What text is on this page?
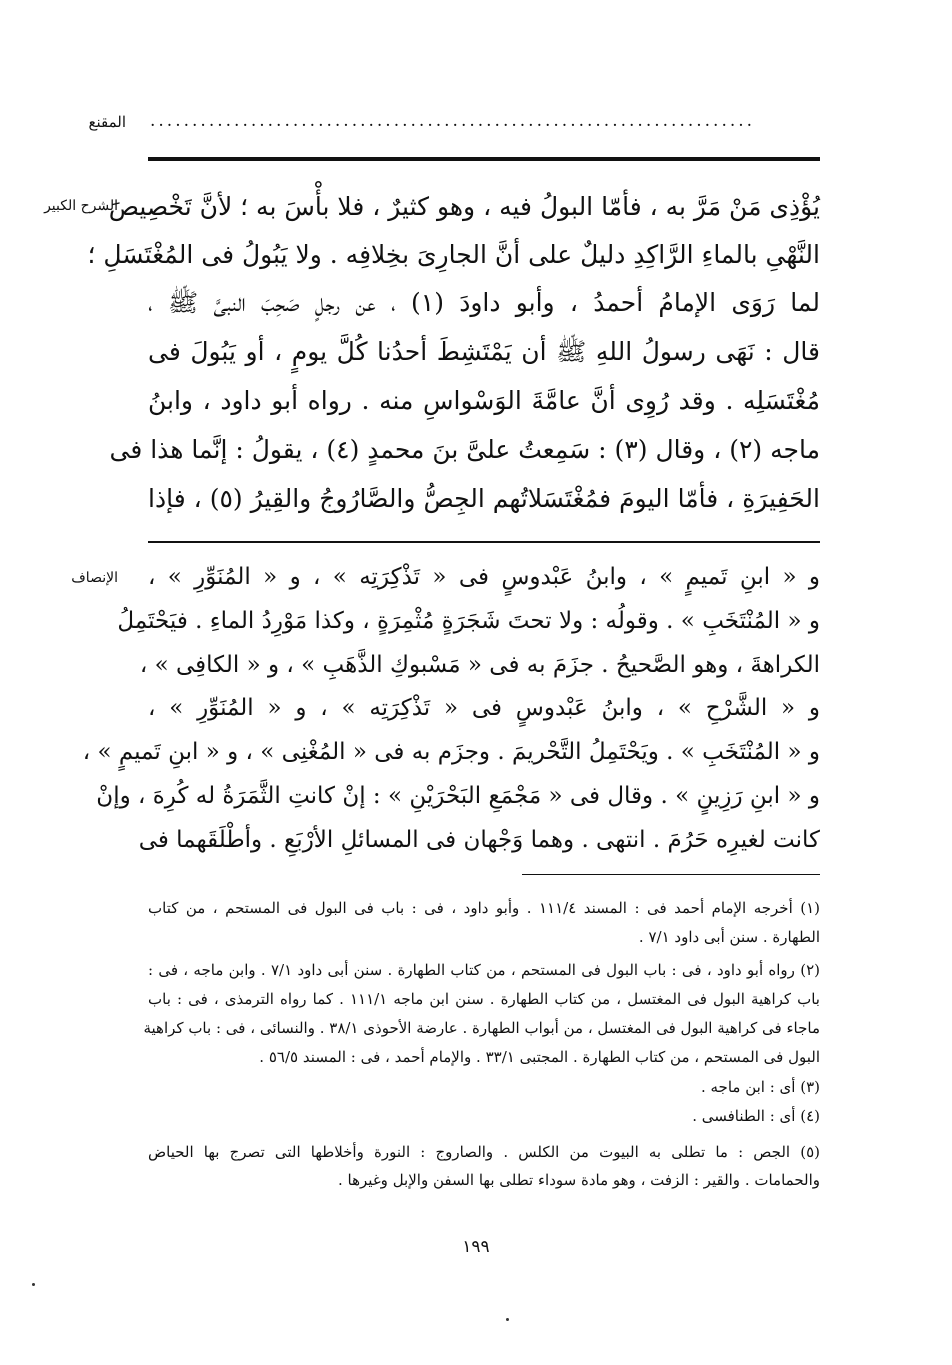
المقنع ........................................................................
الشرح الكبير
الإنصاف
يُؤْذِى مَنْ مَرَّ به ، فأمّا البولُ فيه ، وهو كثيرٌ ، فلا بأْسَ به ؛ لأنَّ تَخْصِيصَ
النَّهْىِ بالماءِ الرَّاكِدِ دليلٌ على أنَّ الجارِىَ بخِلافِه . ولا يَبُولُ فى المُغْتَسَلِ ؛
لما رَوَى الإمامُ أحمدُ ، وأبو داودَ (١) ، عن رجلٍ صَحِبَ النبىَّ ﷺ ،
قال : نَهَى رسولُ اللهِ ﷺ أن يَمْتَشِطَ أحدُنا كُلَّ يومٍ ، أو يَبُولَ فى
مُغْتَسَلِه . وقد رُوِى أنَّ عامَّةَ الوَسْواسِ منه . رواه أبو داود ، وابنُ
ماجه (٢) ، وقال (٣) : سَمِعتُ علىَّ بنَ محمدٍ (٤) ، يقولُ : إنَّما هذا فى
الحَفِيرَةِ ، فأمّا اليومَ فمُغْتَسَلاتُهم الجِصُّ والصَّارُوجُ والقِيرُ (٥) ، فإذا
و « ابنِ تَميمٍ » ، وابنُ عَبْدوسٍ فى « تَذْكِرَتِه » ، و « المُنَوِّرِ » ،
و « المُنْتَخَبِ » . وقولُه : ولا تحتَ شَجَرَةٍ مُثْمِرَةٍ ، وكذا مَوْرِدُ الماءِ . فيَحْتَمِلُ
الكراهةَ ، وهو الصَّحيحُ . جزَمَ به فى « مَسْبوكِ الذَّهَبِ » ، و « الكافِى » ،
و « الشَّرْحِ » ، وابنُ عَبْدوسٍ فى « تَذْكِرَتِه » ، و « المُنَوِّرِ » ،
و « المُنْتَخَبِ » . ويَحْتَمِلُ التَّحْريمَ . وجزَم به فى « المُغْنِى » ، و « ابنِ تَميمٍ » ،
و « ابنِ رَزِينٍ » . وقال فى « مَجْمَعِ البَحْرَيْنِ » : إنْ كانتِ الثَّمَرَةُ له كُرِهَ ، وإنْ
كانت لغيرِه حَرُمَ . انتهى . وهما وَجْهان فى المسائلِ الأرْبَعِ . وأطْلَقَهما فى
(١) أخرجه الإمام أحمد فى : المسند ١١١/٤ . وأبو داود ، فى : باب فى البول فى المستحم ، من كتاب
الطهارة . سنن أبى داود ٧/١ .
(٢) رواه أبو داود ، فى : باب البول فى المستحم ، من كتاب الطهارة . سنن أبى داود ٧/١ . وابن ماجه ، فى :
باب كراهية البول فى المغتسل ، من كتاب الطهارة . سنن ابن ماجه ١١١/١ . كما رواه الترمذى ، فى : باب
ماجاء فى كراهية البول فى المغتسل ، من أبواب الطهارة . عارضة الأحوذى ٣٨/١ . والنسائى ، فى : باب كراهية
البول فى المستحم ، من كتاب الطهارة . المجتبى ٣٣/١ . والإمام أحمد ، فى : المسند ٥٦/٥ .
(٣) أى : ابن ماجه .
(٤) أى : الطنافسى .
(٥) الجص : ما تطلى به البيوت من الكلس . والصاروج : النورة وأخلاطها التى تصرج بها الحياض
والحمامات . والقير : الزفت ، وهو مادة سوداء تطلى بها السفن والإبل وغيرها .
١٩٩
